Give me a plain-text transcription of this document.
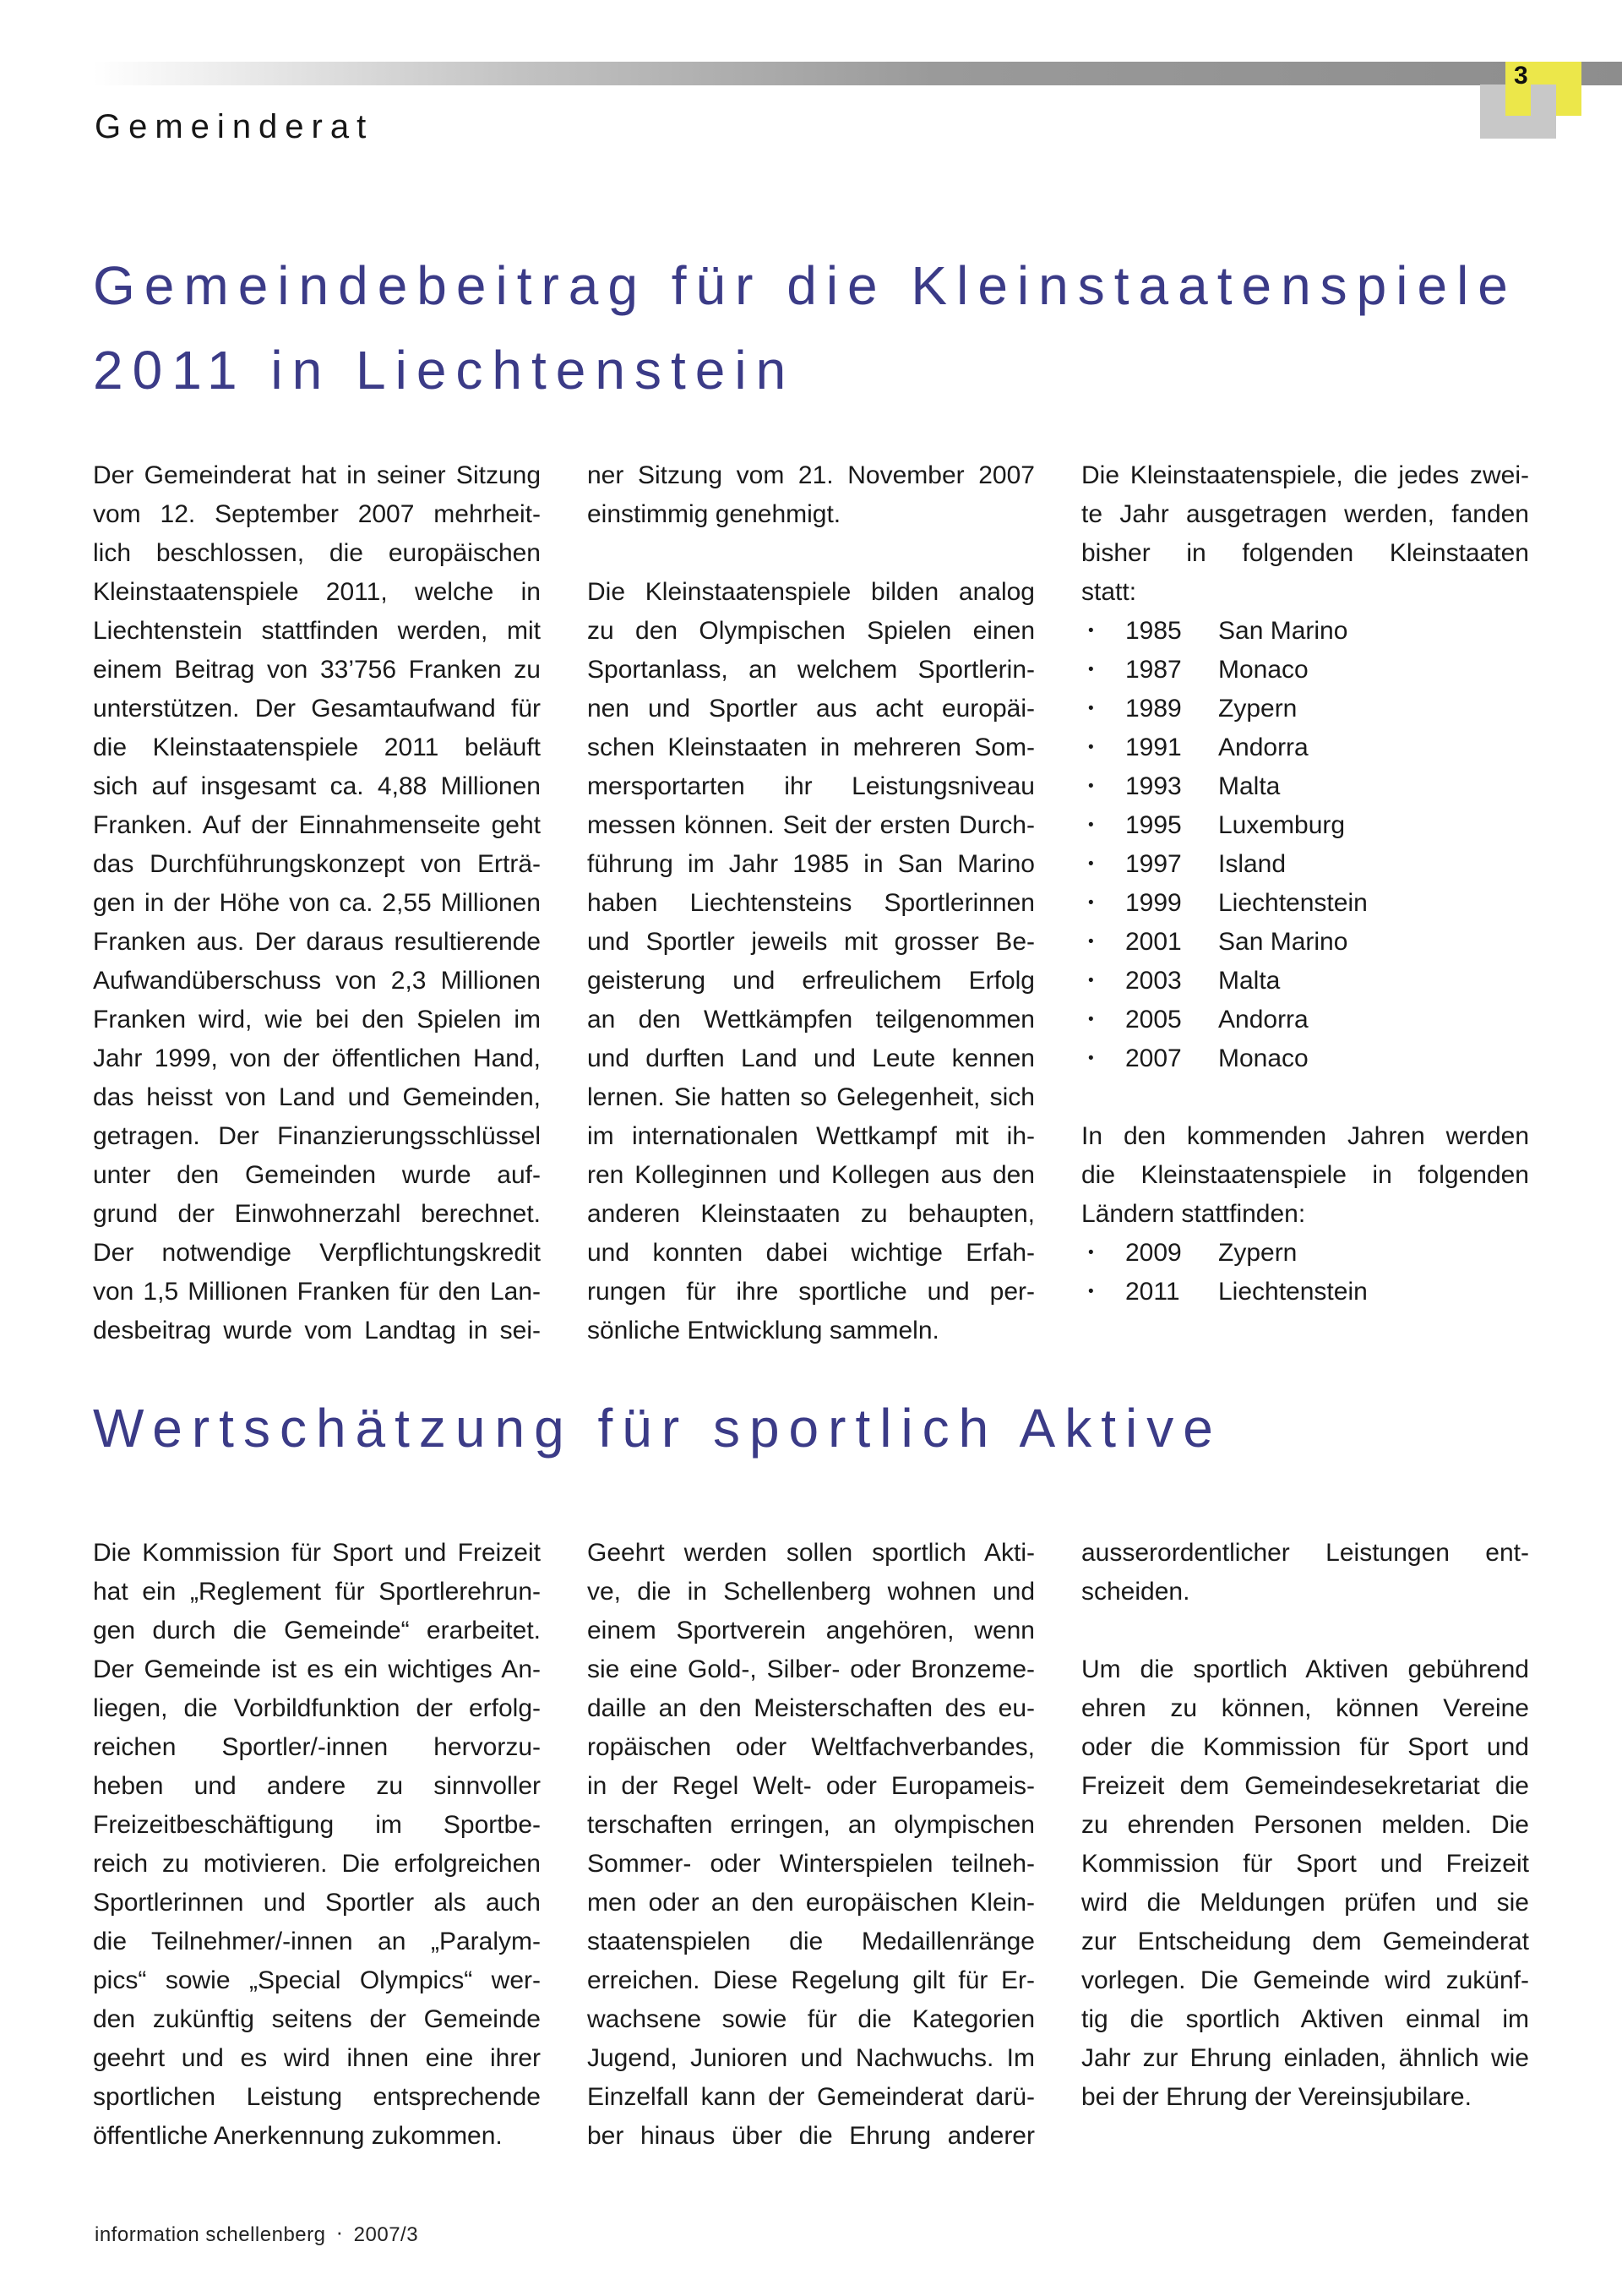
3
Gemeinderat
Gemeindebeitrag für die Kleinstaatenspiele
2011 in Liechtenstein
Der Gemeinderat hat in seiner Sitzung
vom 12. September 2007 mehrheit-
lich beschlossen, die europäischen
Kleinstaatenspiele 2011, welche in
Liechtenstein stattfinden werden, mit
einem Beitrag von 33’756 Franken zu
unterstützen. Der Gesamtaufwand für
die Kleinstaatenspiele 2011 beläuft
sich auf insgesamt ca. 4,88 Millionen
Franken. Auf der Einnahmenseite geht
das Durchführungskonzept von Erträ-
gen in der Höhe von ca. 2,55 Millionen
Franken aus. Der daraus resultierende
Aufwandüberschuss von 2,3 Millionen
Franken wird, wie bei den Spielen im
Jahr 1999, von der öffentlichen Hand,
das heisst von Land und Gemeinden,
getragen. Der Finanzierungsschlüssel
unter den Gemeinden wurde auf-
grund der Einwohnerzahl berechnet.
Der notwendige Verpflichtungskredit
von 1,5 Millionen Franken für den Lan-
desbeitrag wurde vom Landtag in sei-
ner Sitzung vom 21. November 2007
einstimmig genehmigt.
Die Kleinstaatenspiele bilden analog
zu den Olympischen Spielen einen
Sportanlass, an welchem Sportlerin-
nen und Sportler aus acht europäi-
schen Kleinstaaten in mehreren Som-
mersportarten ihr Leistungsniveau
messen können. Seit der ersten Durch-
führung im Jahr 1985 in San Marino
haben Liechtensteins Sportlerinnen
und Sportler jeweils mit grosser Be-
geisterung und erfreulichem Erfolg
an den Wettkämpfen teilgenommen
und durften Land und Leute kennen
lernen. Sie hatten so Gelegenheit, sich
im internationalen Wettkampf mit ih-
ren Kolleginnen und Kollegen aus den
anderen Kleinstaaten zu behaupten,
und konnten dabei wichtige Erfah-
rungen für ihre sportliche und per-
sönliche Entwicklung sammeln.
Die Kleinstaatenspiele, die jedes zwei-
te Jahr ausgetragen werden, fanden
bisher in folgenden Kleinstaaten
statt:
• 1985 San Marino
• 1987 Monaco
• 1989 Zypern
• 1991 Andorra
• 1993 Malta
• 1995 Luxemburg
• 1997 Island
• 1999 Liechtenstein
• 2001 San Marino
• 2003 Malta
• 2005 Andorra
• 2007 Monaco
In den kommenden Jahren werden
die Kleinstaatenspiele in folgenden
Ländern stattfinden:
• 2009 Zypern
• 2011 Liechtenstein
Wertschätzung für sportlich Aktive
Die Kommission für Sport und Freizeit
hat ein „Reglement für Sportlerehrun-
gen durch die Gemeinde“ erarbeitet.
Der Gemeinde ist es ein wichtiges An-
liegen, die Vorbildfunktion der erfolg-
reichen Sportler/-innen hervorzu-
heben und andere zu sinnvoller
Freizeitbeschäftigung im Sportbe-
reich zu motivieren. Die erfolgreichen
Sportlerinnen und Sportler als auch
die Teilnehmer/-innen an „Paralym-
pics“ sowie „Special Olympics“ wer-
den zukünftig seitens der Gemeinde
geehrt und es wird ihnen eine ihrer
sportlichen Leistung entsprechende
öffentliche Anerkennung zukommen.
Geehrt werden sollen sportlich Akti-
ve, die in Schellenberg wohnen und
einem Sportverein angehören, wenn
sie eine Gold-, Silber- oder Bronzeme-
daille an den Meisterschaften des eu-
ropäischen oder Weltfachverbandes,
in der Regel Welt- oder Europameis-
terschaften erringen, an olympischen
Sommer- oder Winterspielen teilneh-
men oder an den europäischen Klein-
staatenspielen die Medaillenränge
erreichen. Diese Regelung gilt für Er-
wachsene sowie für die Kategorien
Jugend, Junioren und Nachwuchs. Im
Einzelfall kann der Gemeinderat darü-
ber hinaus über die Ehrung anderer
ausserordentlicher Leistungen ent-
scheiden.
Um die sportlich Aktiven gebührend
ehren zu können, können Vereine
oder die Kommission für Sport und
Freizeit dem Gemeindesekretariat die
zu ehrenden Personen melden. Die
Kommission für Sport und Freizeit
wird die Meldungen prüfen und sie
zur Entscheidung dem Gemeinderat
vorlegen. Die Gemeinde wird zukünf-
tig die sportlich Aktiven einmal im
Jahr zur Ehrung einladen, ähnlich wie
bei der Ehrung der Vereinsjubilare.
information schellenberg · 2007/3
